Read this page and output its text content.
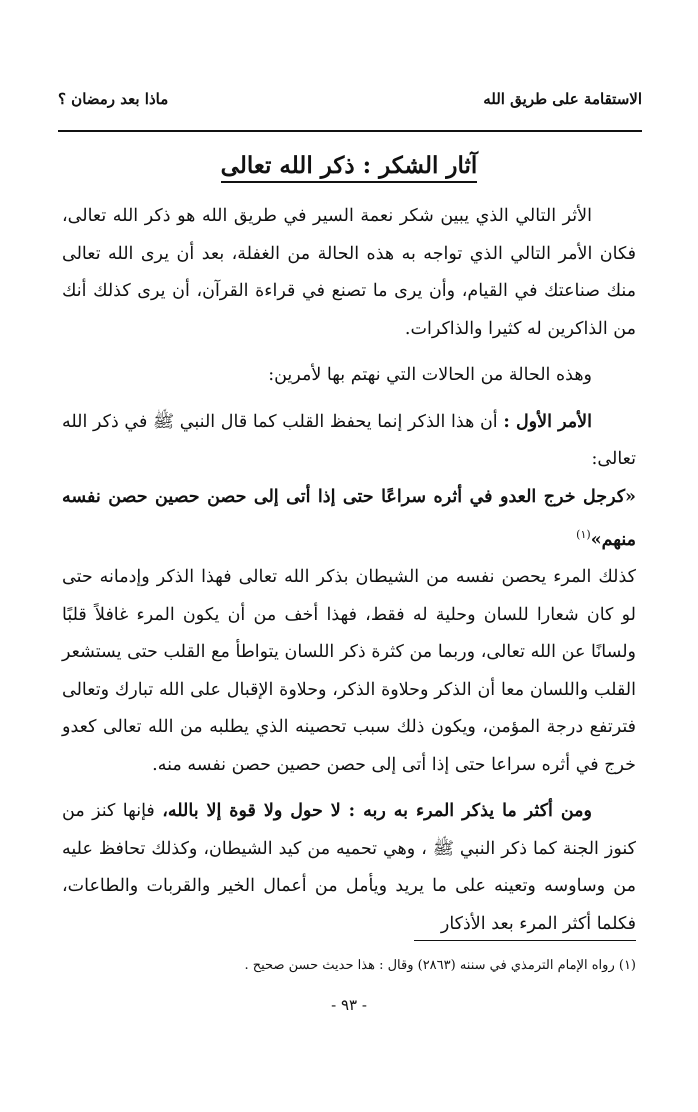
الاستقامة على طريق الله
ماذا بعد رمضان ؟
آثار الشكر : ذكر الله تعالى

الأثر التالي الذي يبين شكر نعمة السير في طريق الله هو ذكر الله تعالى، فكان الأمر التالي الذي تواجه به هذه الحالة من الغفلة، بعد أن يرى الله تعالى منك صناعتك في القيام، وأن يرى ما تصنع في قراءة القرآن، أن يرى كذلك أنك من الذاكرين له كثيرا والذاكرات.

وهذه الحالة من الحالات التي نهتم بها لأمرين:

الأمر الأول : أن هذا الذكر إنما يحفظ القلب كما قال النبي ﷺ في ذكر الله تعالى:

«كرجل خرج العدو في أثره سراعًا حتى إذا أتى إلى حصن حصين حصن نفسه منهم»$^{(١)}$

كذلك المرء يحصن نفسه من الشيطان بذكر الله تعالى فهذا الذكر وإدمانه حتى لو كان شعارا للسان وحلية له فقط، فهذا أخف من أن يكون المرء غافلاً قلبًا ولسانًا عن الله تعالى، وربما من كثرة ذكر اللسان يتواطأ مع القلب حتى يستشعر القلب واللسان معا أن الذكر وحلاوة الذكر، وحلاوة الإقبال على الله تبارك وتعالى فترتفع درجة المؤمن، ويكون ذلك سبب تحصينه الذي يطلبه من الله تعالى كعدو خرج في أثره سراعا حتى إذا أتى إلى حصن حصين حصن نفسه منه.

ومن أكثر ما يذكر المرء به ربه : لا حول ولا قوة إلا بالله، فإنها كنز من كنوز الجنة كما ذكر النبي ﷺ ، وهي تحميه من كيد الشيطان، وكذلك تحافظ عليه من وساوسه وتعينه على ما يريد ويأمل من أعمال الخير والقربات والطاعات، فكلما أكثر المرء بعد الأذكار

(١) رواه الإمام الترمذي في سننه (٢٨٦٣) وقال : هذا حديث حسن صحيح .
- ٩٣ -
